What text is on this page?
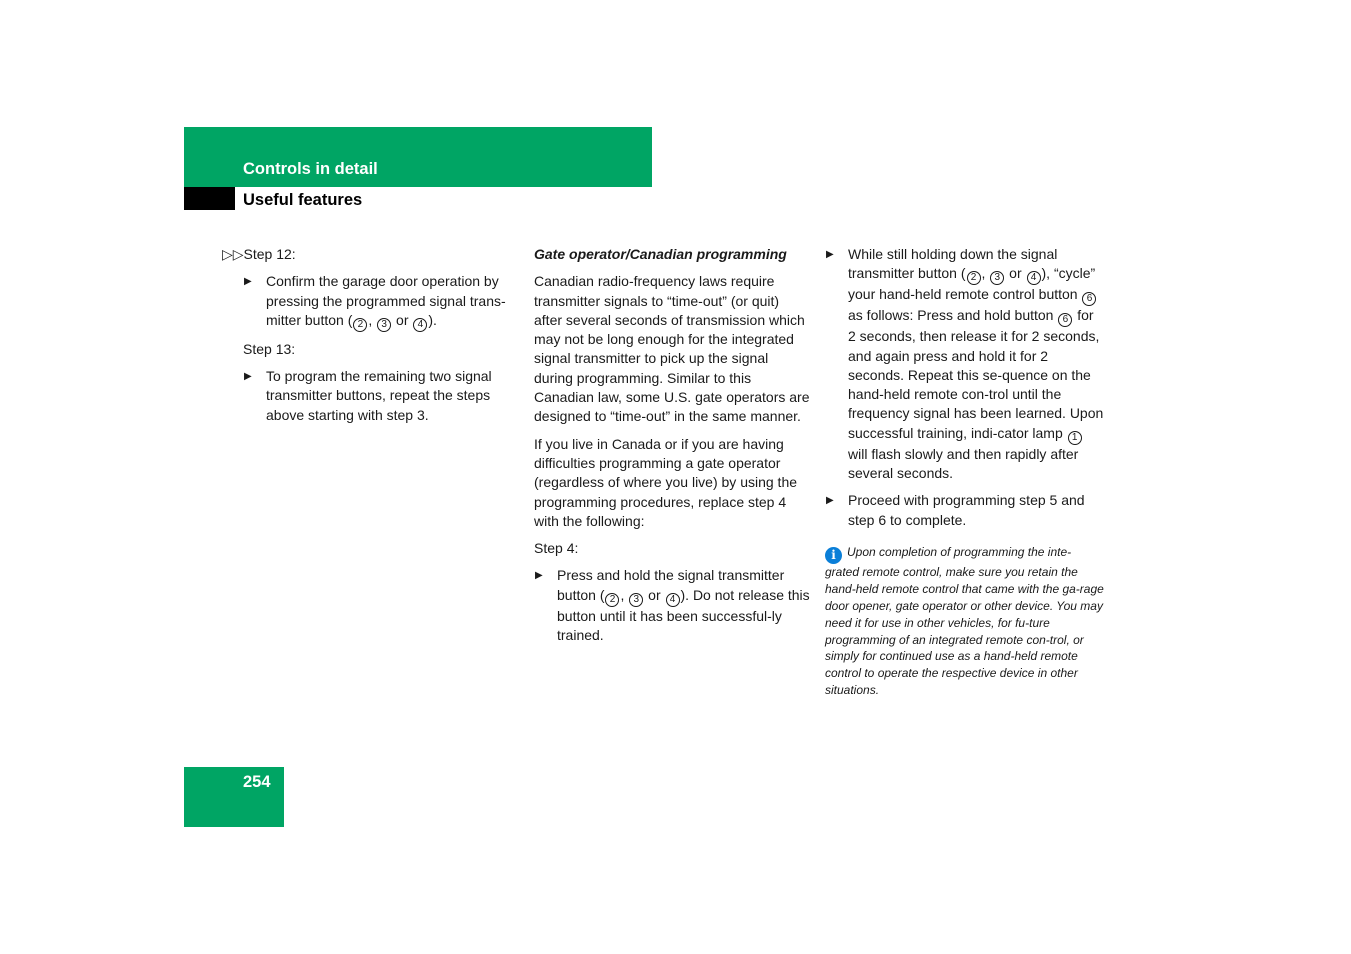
Controls in detail
Useful features

▷▷Step 12:

▶ Confirm the garage door operation by pressing the programmed signal trans-mitter button ( 2 , 3 or 4 ).

Step 13:

▶ To program the remaining two signal transmitter buttons, repeat the steps above starting with step 3.

Gate operator/Canadian programming

Canadian radio-frequency laws require transmitter signals to “time-out” (or quit) after several seconds of transmission which may not be long enough for the integrated signal transmitter to pick up the signal during programming. Similar to this Canadian law, some U.S. gate operators are designed to “time-out” in the same manner.

If you live in Canada or if you are having difficulties programming a gate operator (regardless of where you live) by using the programming procedures, replace step 4 with the following:

Step 4:

▶ Press and hold the signal transmitter button ( 2 , 3 or 4 ). Do not release this button until it has been successful-ly trained.
▶ While still holding down the signal transmitter button ( 2 , 3 or 4 ), “cycle” your hand-held remote control button 6 as follows: Press and hold button 6 for 2 seconds, then release it for 2 seconds, and again press and hold it for 2 seconds. Repeat this se-quence on the hand-held remote con-trol until the frequency signal has been learned. Upon successful training, indi-cator lamp 1 will flash slowly and then rapidly after several seconds.
▶ Proceed with programming step 5 and step 6 to complete.
i Upon completion of programming the inte-grated remote control, make sure you retain the hand-held remote control that came with the ga-rage door opener, gate operator or other device. You may need it for use in other vehicles, for fu-ture programming of an integrated remote con-trol, or simply for continued use as a hand-held remote control to operate the respective device in other situations.
254
